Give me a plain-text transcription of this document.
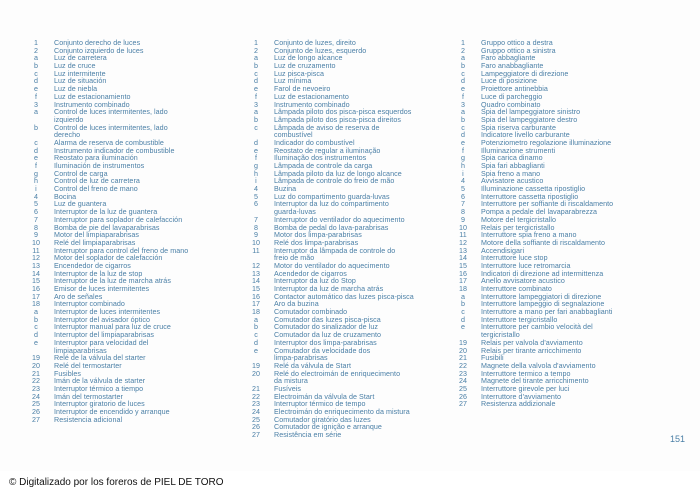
1	Conjunto derecho de luces
2	Conjunto izquierdo de luces
a	Luz de carretera
b	Luz de cruce
c	Luz intermitente
d	Luz de situación
e	Luz de niebla
f	Luz de estacionamiento
3	Instrumento combinado
a	Control de luces intermitentes, lado
izquierdo
b	Control de luces intermitentes, lado
derecho
c	Alarma de reserva de combustible
d	Instrumento indicador de combustible
e	Reostato para iluminación
f	Iluminación de instrumentos
g	Control de carga
h	Control de luz de carretera
i	Control del freno de mano
4	Bocina
5	Luz de guantera
6	Interruptor de la luz de guantera
7	Interruptor para soplador de calefacción
8	Bomba de pie del lavaparabrisas
9	Motor del limpiaparabrisas
10	Relé del limpiaparabrisas
11	Interruptor para control del freno de mano
12	Motor del soplador de calefacción
13	Encendedor de cigarros
14	Interruptor de la luz de stop
15	Interruptor de la luz de marcha atrás
16	Emisor de luces intermitentes
17	Aro de señales
18	Interruptor combinado
a	Interruptor de luces intermitentes
b	Interruptor del avisador óptico
c	Interruptor manual para luz de cruce
d	Interruptor del limpiaparabrisas
e	Interruptor para velocidad del
limpiaparabrisas
19	Relé de la válvula del starter
20	Relé del termostarter
21	Fusibles
22	Imán de la válvula de starter
23	Interruptor térmico a tiempo
24	Imán del termostarter
25	Interruptor giratorio de luces
26	Interruptor de encendido y arranque
27	Resistencia adicional
1	Conjunto de luzes, direito
2	Conjunto de luzes, esquerdo
a	Luz de longo alcance
b	Luz de cruzamento
c	Luz pisca-pisca
d	Luz mínima
e	Farol de nevoeiro
f	Luz de estacionamento
3	Instrumento combinado
a	Lâmpada piloto dos pisca-pisca esquerdos
b	Lâmpada piloto dos pisca-pisca direitos
c	Lâmpada de aviso de reserva de
combustível
d	Indicador do combustível
e	Reostato de regular a iluminação
f	Iluminação dos instrumentos
g	Lâmpada de controle da carga
h	Lâmpada piloto da luz de longo alcance
i	Lâmpada de controle do freio de mão
4	Buzina
5	Luz do compartimento guarda-luvas
6	Interruptor da luz do compartimento
guarda-luvas
7	Interruptor do ventilador do aquecimento
8	Bomba de pedal do lava-parabrisas
9	Motor dos limpa-parabrisas
10	Relé dos limpa-parabrisas
11	Interruptor da lâmpada de controle do
freio de mão
12	Motor do ventilador do aquecimento
13	Acendedor de cigarros
14	Interruptor da luz do Stop
15	Interruptor da luz de marcha atrás
16	Contactor automático das luzes pisca-pisca
17	Aro da buzina
18	Comutador combinado
a	Comutador das luzes pisca-pisca
b	Comutador do sinalizador de luz
c	Comutador da luz de cruzamento
d	Interruptor dos limpa-parabrisas
e	Comutador da velocidade dos
limpa-parabrisas
19	Relé da válvula de Start
20	Relé do electroimán de enriquecimento
da mistura
21	Fusíveis
22	Electroimán da válvula de Start
23	Interruptor térmico de tempo
24	Electroimán do enriquecimento da mistura
25	Comutador giratório das luzes
26	Comutador de ignição e arranque
27	Resistência em série
1	Gruppo ottico a destra
2	Gruppo ottico a sinistra
a	Faro abbagliante
b	Faro anabbagliante
c	Lampeggiatore di direzione
d	Luce di posizione
e	Proiettore antinebbia
f	Luce di parcheggio
3	Quadro combinato
a	Spia del lampeggiatore sinistro
b	Spia del lampeggiatore destro
c	Spia riserva carburante
d	Indicatore livello carburante
e	Potenziometro regolazione illuminazione
f	Illuminazione strumenti
g	Spia carica dinamo
h	Spia fari abbaglianti
i	Spia freno a mano
4	Avvisatore acustico
5	Illuminazione cassetta ripostiglio
6	Interruttore cassetta ripostiglio
7	Interruttore per soffiante di riscaldamento
8	Pompa a pedale del lavaparabrezza
9	Motore del tergicristallo
10	Relais per tergicristallo
11	Interruttore spia freno a mano
12	Motore della soffiante di riscaldamento
13	Accendisigari
14	Interruttore luce stop
15	Interruttore luce retromarcia
16	Indicatori di direzione ad intermittenza
17	Anello avvisatore acustico
18	Interruttore combinato
a	Interruttore lampeggiatori di direzione
b	Interruttore lampeggio di segnalazione
c	Interruttore a mano per fari anabbaglianti
d	Interruttore tergicristallo
e	Interruttore per cambio velocità del
tergicristallo
19	Relais per valvola d'avviamento
20	Relais per tirante arricchimento
21	Fusibili
22	Magnete della valvola d'avviamento
23	Interruttore termico a tempo
24	Magnete del tirante arricchimento
25	Interruttore girevole per luci
26	Interruttore d'avviamento
27	Resistenza addizionale
151
© Digitalizado por los foreros de PIEL DE TORO
